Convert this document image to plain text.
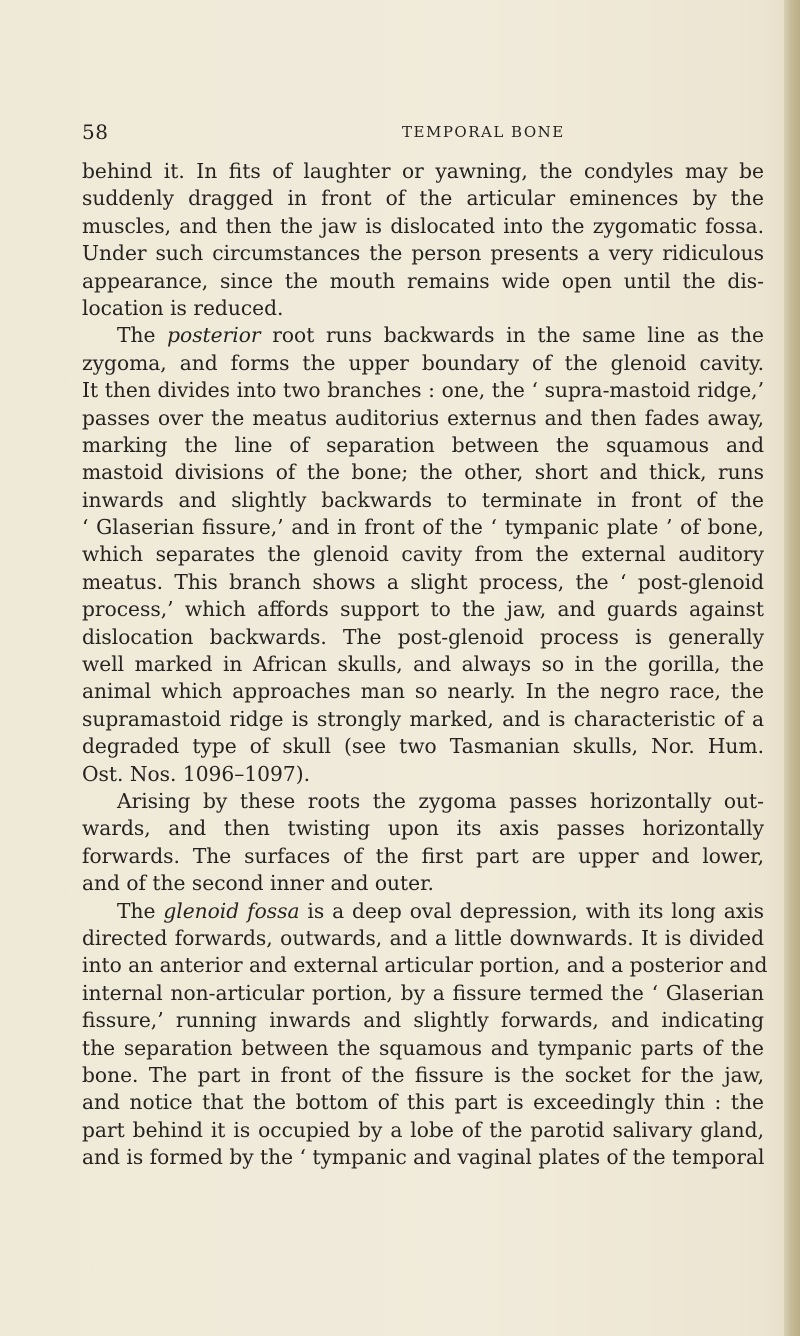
58	TEMPORAL BONE
behind it. In fits of laughter or yawning, the condyles may be
suddenly dragged in front of the articular eminences by the
muscles, and then the jaw is dislocated into the zygomatic fossa.
Under such circumstances the person presents a very ridiculous
appearance, since the mouth remains wide open until the dis-
location is reduced.
The posterior root runs backwards in the same line as the
zygoma, and forms the upper boundary of the glenoid cavity.
It then divides into two branches : one, the ‘ supra-mastoid ridge,’
passes over the meatus auditorius externus and then fades away,
marking the line of separation between the squamous and
mastoid divisions of the bone; the other, short and thick, runs
inwards and slightly backwards to terminate in front of the
‘ Glaserian fissure,’ and in front of the ‘ tympanic plate ’ of bone,
which separates the glenoid cavity from the external auditory
meatus. This branch shows a slight process, the ‘ post-glenoid
process,’ which affords support to the jaw, and guards against
dislocation backwards. The post-glenoid process is generally
well marked in African skulls, and always so in the gorilla, the
animal which approaches man so nearly. In the negro race, the
supramastoid ridge is strongly marked, and is characteristic of a
degraded type of skull (see two Tasmanian skulls, Nor. Hum.
Ost. Nos. 1096–1097).
Arising by these roots the zygoma passes horizontally out-
wards, and then twisting upon its axis passes horizontally
forwards. The surfaces of the first part are upper and lower,
and of the second inner and outer.
The glenoid fossa is a deep oval depression, with its long axis
directed forwards, outwards, and a little downwards. It is divided
into an anterior and external articular portion, and a posterior and
internal non-articular portion, by a fissure termed the ‘ Glaserian
fissure,’ running inwards and slightly forwards, and indicating
the separation between the squamous and tympanic parts of the
bone. The part in front of the fissure is the socket for the jaw,
and notice that the bottom of this part is exceedingly thin : the
part behind it is occupied by a lobe of the parotid salivary gland,
and is formed by the ‘ tympanic and vaginal plates of the temporal
